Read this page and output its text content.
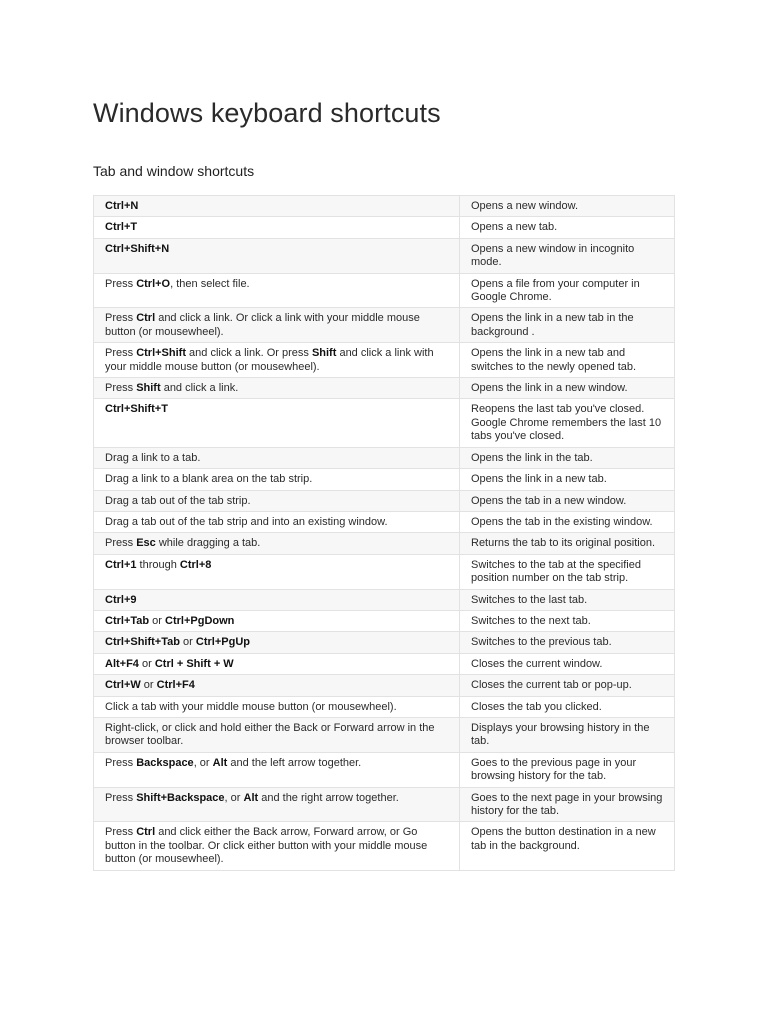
Windows keyboard shortcuts
Tab and window shortcuts
Ctrl+N	Opens a new window.
Ctrl+T	Opens a new tab.
Ctrl+Shift+N	Opens a new window in incognito mode.
Press Ctrl+O, then select file.	Opens a file from your computer in Google Chrome.
Press Ctrl and click a link. Or click a link with your middle mouse button (or mousewheel).	Opens the link in a new tab in the background .
Press Ctrl+Shift and click a link. Or press Shift and click a link with your middle mouse button (or mousewheel).	Opens the link in a new tab and switches to the newly opened tab.
Press Shift and click a link.	Opens the link in a new window.
Ctrl+Shift+T	Reopens the last tab you've closed. Google Chrome remembers the last 10 tabs you've closed.
Drag a link to a tab.	Opens the link in the tab.
Drag a link to a blank area on the tab strip.	Opens the link in a new tab.
Drag a tab out of the tab strip.	Opens the tab in a new window.
Drag a tab out of the tab strip and into an existing window.	Opens the tab in the existing window.
Press Esc while dragging a tab.	Returns the tab to its original position.
Ctrl+1 through Ctrl+8	Switches to the tab at the specified position number on the tab strip.
Ctrl+9	Switches to the last tab.
Ctrl+Tab or Ctrl+PgDown	Switches to the next tab.
Ctrl+Shift+Tab or Ctrl+PgUp	Switches to the previous tab.
Alt+F4 or Ctrl + Shift + W	Closes the current window.
Ctrl+W or Ctrl+F4	Closes the current tab or pop-up.
Click a tab with your middle mouse button (or mousewheel).	Closes the tab you clicked.
Right-click, or click and hold either the Back or Forward arrow in the browser toolbar.	Displays your browsing history in the tab.
Press Backspace, or Alt and the left arrow together.	Goes to the previous page in your browsing history for the tab.
Press Shift+Backspace, or Alt and the right arrow together.	Goes to the next page in your browsing history for the tab.
Press Ctrl and click either the Back arrow, Forward arrow, or Go button in the toolbar. Or click either button with your middle mouse button (or mousewheel).	Opens the button destination in a new tab in the background.
